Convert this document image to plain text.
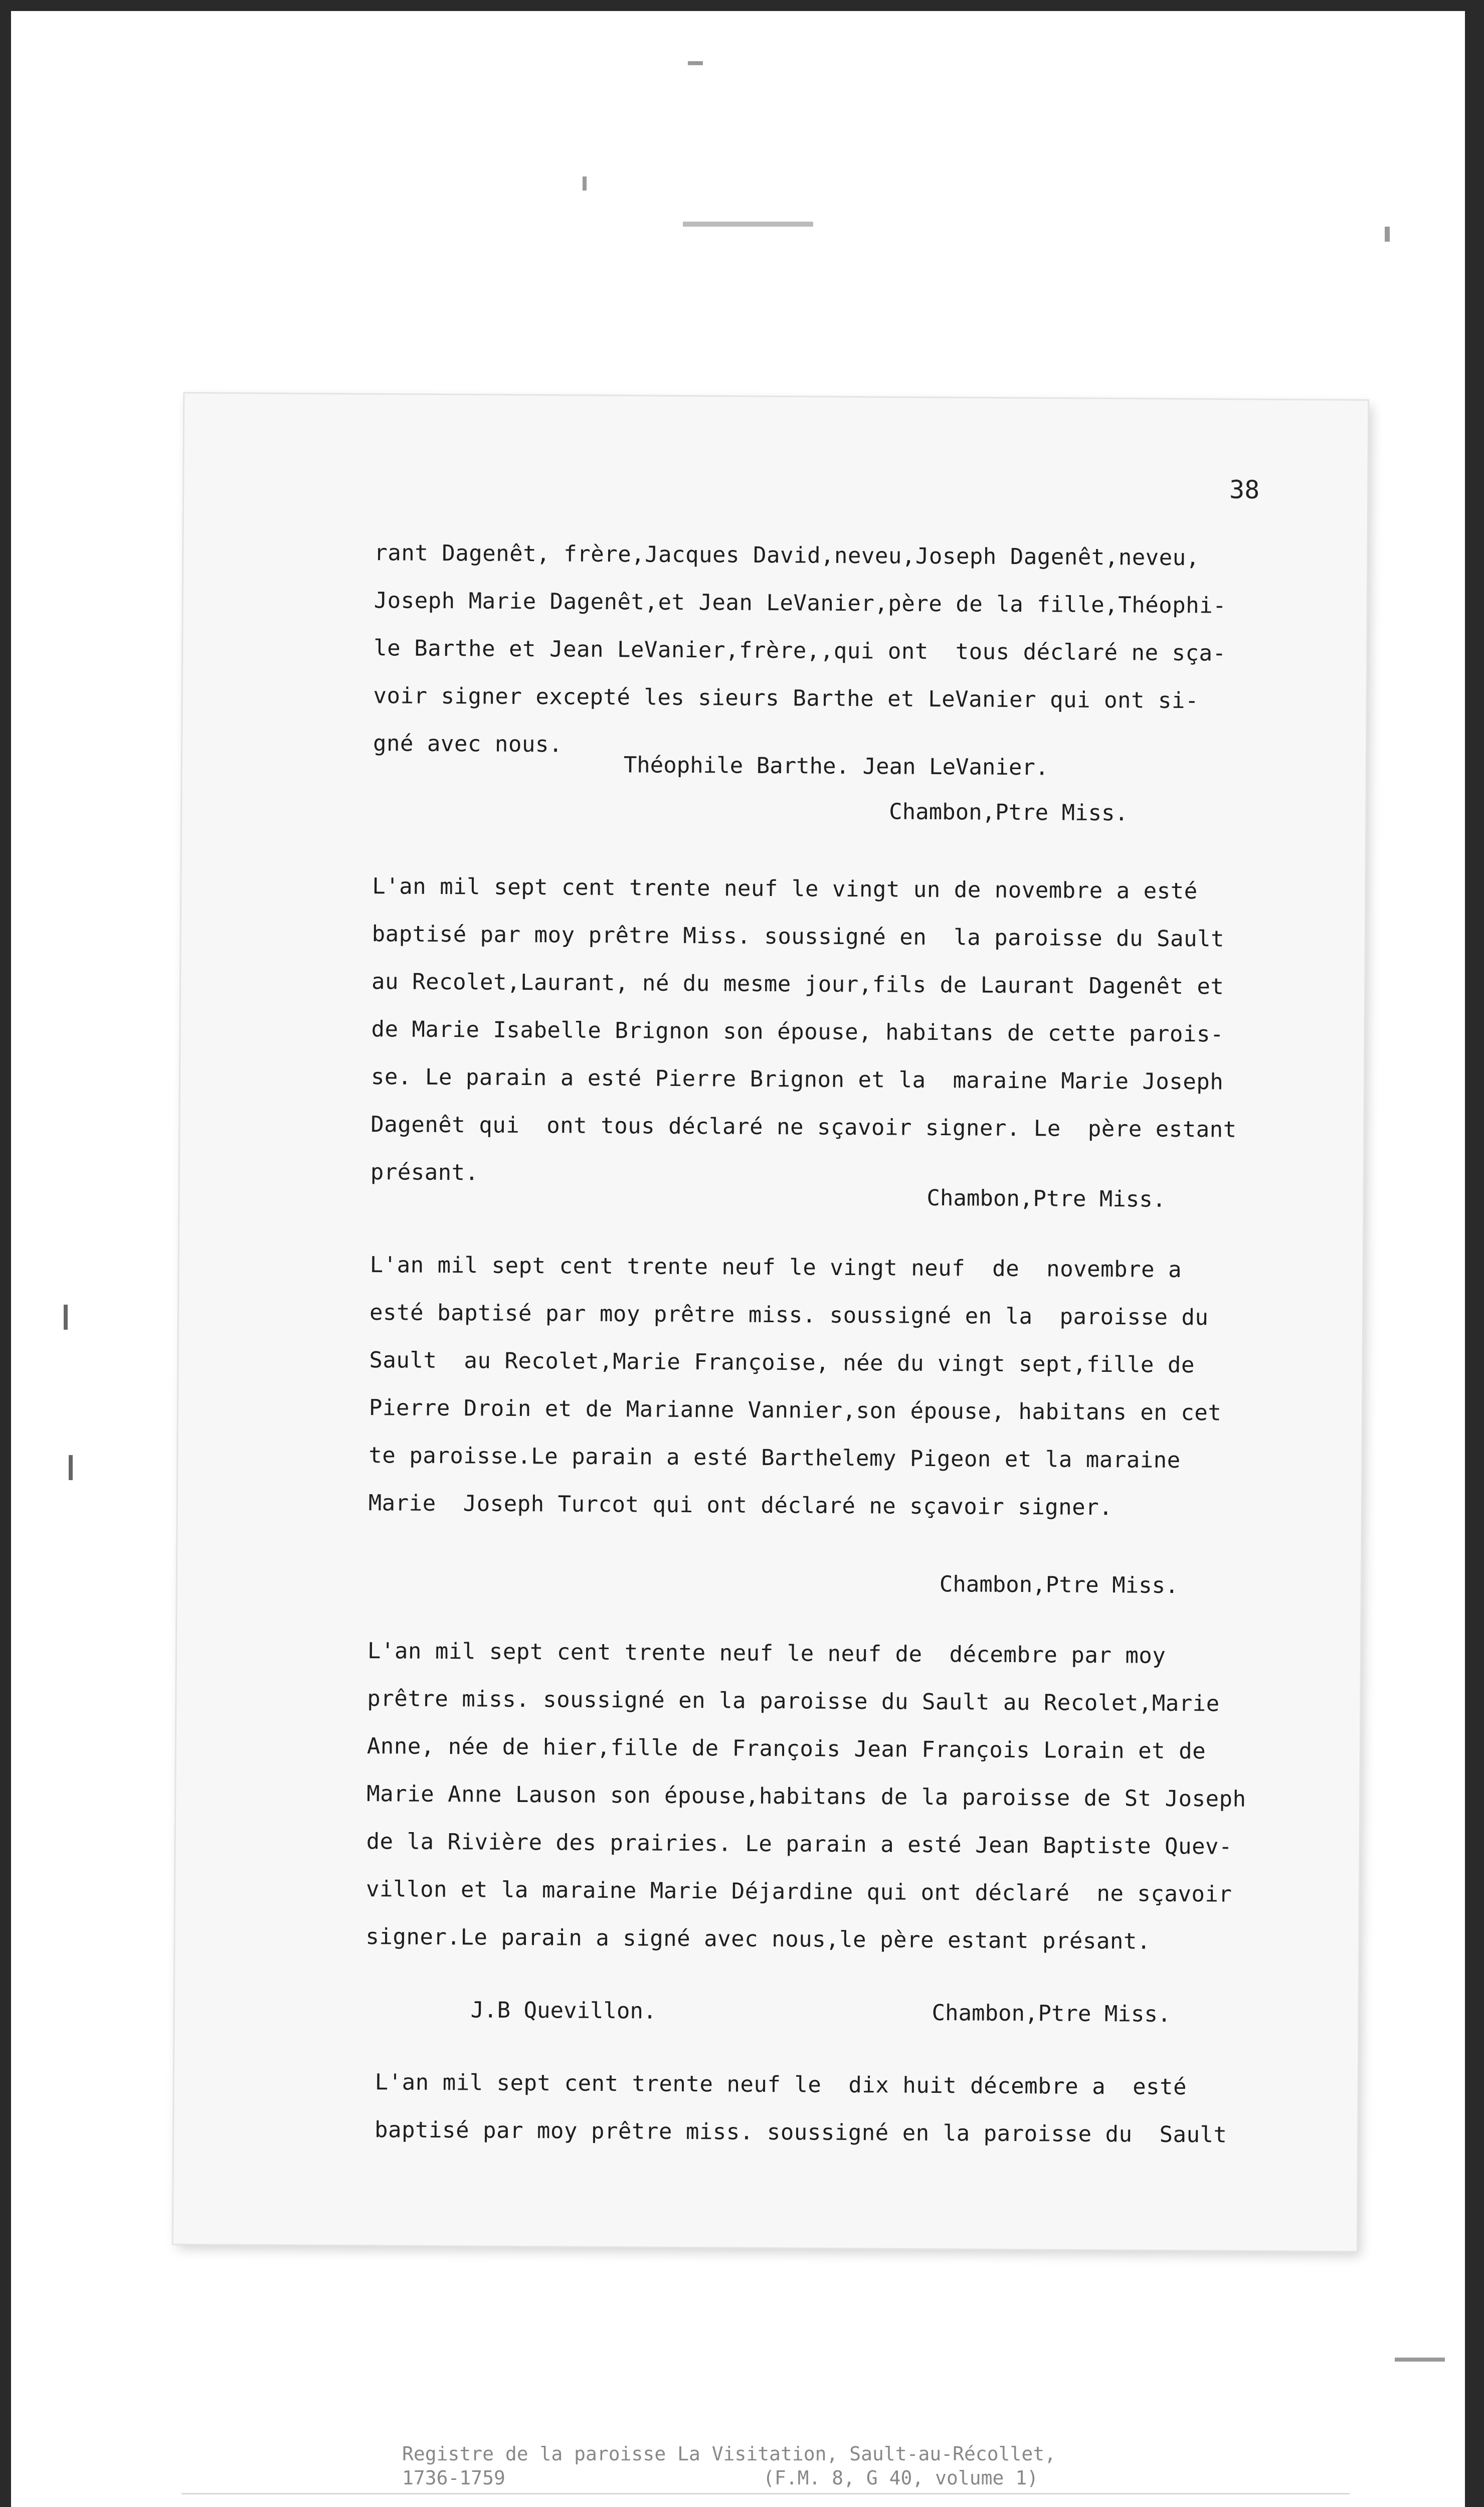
38
rant Dagenêt, frère,Jacques David,neveu,Joseph Dagenêt,neveu,
Joseph Marie Dagenêt,et Jean LeVanier,père de la fille,Théophi-
le Barthe et Jean LeVanier,frère,,qui ont  tous déclaré ne sça-
voir signer excepté les sieurs Barthe et LeVanier qui ont si-
gné avec nous.
Théophile Barthe. Jean LeVanier.
Chambon,Ptre Miss.
L'an mil sept cent trente neuf le vingt un de novembre a esté
baptisé par moy prêtre Miss. soussigné en  la paroisse du Sault
au Recolet,Laurant, né du mesme jour,fils de Laurant Dagenêt et
de Marie Isabelle Brignon son épouse, habitans de cette parois-
se. Le parain a esté Pierre Brignon et la  maraine Marie Joseph
Dagenêt qui  ont tous déclaré ne sçavoir signer. Le  père estant
présant.
Chambon,Ptre Miss.
L'an mil sept cent trente neuf le vingt neuf  de  novembre a
esté baptisé par moy prêtre miss. soussigné en la  paroisse du
Sault  au Recolet,Marie Françoise, née du vingt sept,fille de
Pierre Droin et de Marianne Vannier,son épouse, habitans en cet
te paroisse.Le parain a esté Barthelemy Pigeon et la maraine
Marie  Joseph Turcot qui ont déclaré ne sçavoir signer.
Chambon,Ptre Miss.
L'an mil sept cent trente neuf le neuf de  décembre par moy
prêtre miss. soussigné en la paroisse du Sault au Recolet,Marie
Anne, née de hier,fille de François Jean François Lorain et de
Marie Anne Lauson son épouse,habitans de la paroisse de St Joseph
de la Rivière des prairies. Le parain a esté Jean Baptiste Quev-
villon et la maraine Marie Déjardine qui ont déclaré  ne sçavoir
signer.Le parain a signé avec nous,le père estant présant.
J.B Quevillon.	Chambon,Ptre Miss.
L'an mil sept cent trente neuf le  dix huit décembre a  esté
baptisé par moy prêtre miss. soussigné en la paroisse du  Sault
Registre de la paroisse La Visitation, Sault-au-Récollet,
1736-1759	(F.M. 8, G 40, volume 1)
